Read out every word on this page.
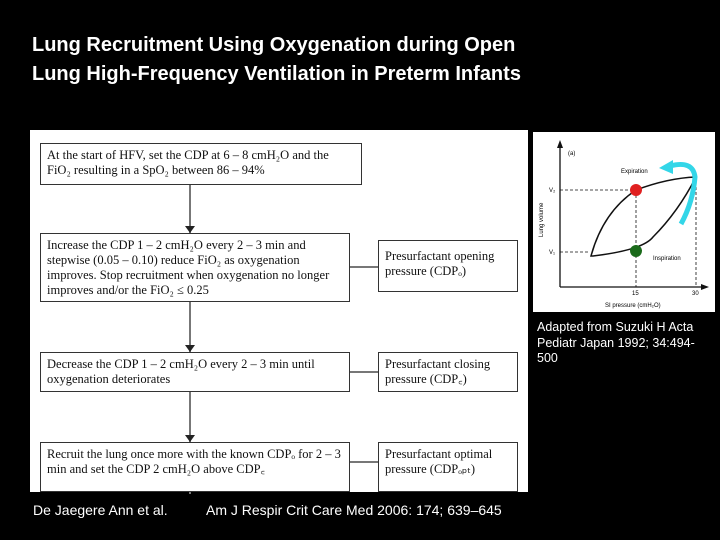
Lung Recruitment Using Oxygenation during Open
Lung High-Frequency Ventilation in Preterm Infants
At the start of HFV, set the CDP at 6 – 8 cmH₂O and the FiO₂ resulting in a SpO₂ between 86 – 94%
Increase the CDP 1 – 2 cmH₂O every 2 – 3 min and stepwise (0.05 – 0.10) reduce FiO₂ as oxygenation improves. Stop recruitment when oxygenation no longer improves and/or the FiO₂ ≤ 0.25
Decrease the CDP 1 – 2 cmH₂O every 2 – 3 min until oxygenation deteriorates
Recruit the lung once more with the known CDPₒ for 2 – 3 min and set the CDP 2 cmH₂O above CDP꜀
Presurfactant opening pressure (CDPₒ)
Presurfactant closing pressure (CDP꜀)
Presurfactant optimal pressure (CDPₒₚₜ)
(a)
Expiration
Inspiration
V₂
V₁
15	30
SI pressure (cmH₂O)
Lung volume
Adapted from Suzuki H Acta Pediatr Japan 1992; 34:494-500
De Jaegere Ann et al.	Am J Respir Crit Care Med 2006: 174; 639–645
